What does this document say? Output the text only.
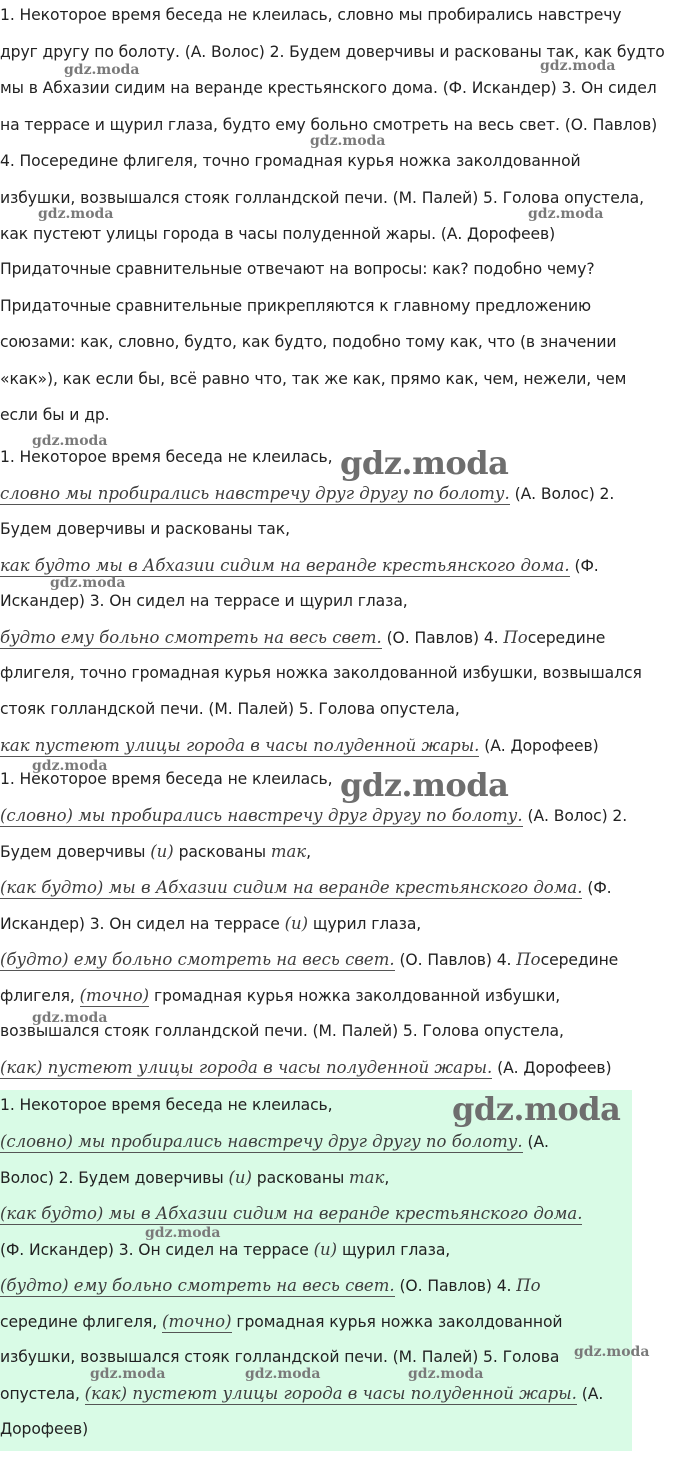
1. Некоторое время беседа не клеилась, словно мы пробирались навстречу
друг другу по болоту. (А. Волос) 2. Будем доверчивы и раскованы так, как будто
мы в Абхазии сидим на веранде крестьянского дома. (Ф. Искандер) 3. Он сидел
на террасе и щурил глаза, будто ему больно смотреть на весь свет. (О. Павлов)
4. Посередине флигеля, точно громадная курья ножка заколдованной
избушки, возвышался стояк голландской печи. (М. Палей) 5. Голова опустела,
как пустеют улицы города в часы полуденной жары. (А. Дорофеев)
Придаточные сравнительные отвечают на вопросы: как? подобно чему?
Придаточные сравнительные прикрепляются к главному предложению
союзами: как, словно, будто, как будто, подобно тому как, что (в значении
«как»), как если бы, всё равно что, так же как, прямо как, чем, нежели, чем
если бы и др.
1. Некоторое время беседа не клеилась,
словно мы пробирались навстречу друг другу по болоту. (А. Волос) 2.
Будем доверчивы и раскованы так,
как будто мы в Абхазии сидим на веранде крестьянского дома. (Ф.
Искандер) 3. Он сидел на террасе и щурил глаза,
будто ему больно смотреть на весь свет. (О. Павлов) 4. Посередине
флигеля, точно громадная курья ножка заколдованной избушки, возвышался
стояк голландской печи. (М. Палей) 5. Голова опустела,
как пустеют улицы города в часы полуденной жары. (А. Дорофеев)
1. Некоторое время беседа не клеилась,
(словно) мы пробирались навстречу друг другу по болоту. (А. Волос) 2.
Будем доверчивы (и) раскованы так,
(как будто) мы в Абхазии сидим на веранде крестьянского дома. (Ф.
Искандер) 3. Он сидел на террасе (и) щурил глаза,
(будто) ему больно смотреть на весь свет. (О. Павлов) 4. Посередине
флигеля, (точно) громадная курья ножка заколдованной избушки,
возвышался стояк голландской печи. (М. Палей) 5. Голова опустела,
(как) пустеют улицы города в часы полуденной жары. (А. Дорофеев)
1. Некоторое время беседа не клеилась,
(словно) мы пробирались навстречу друг другу по болоту. (А.
Волос) 2. Будем доверчивы (и) раскованы так,
(как будто) мы в Абхазии сидим на веранде крестьянского дома.
(Ф. Искандер) 3. Он сидел на террасе (и) щурил глаза,
(будто) ему больно смотреть на весь свет. (О. Павлов) 4. По
середине флигеля, (точно) громадная курья ножка заколдованной
избушки, возвышался стояк голландской печи. (М. Палей) 5. Голова
опустела, (как) пустеют улицы города в часы полуденной жары. (А.
Дорофеев)
gdz.moda	gdz.moda
gdz.moda
gdz.moda	gdz.moda
gdz.moda
gdz.moda
gdz.moda
gdz.moda	gdz.moda
gdz.moda
gdz.moda
gdz.moda
gdz.moda
gdz.moda	gdz.moda	gdz.moda
